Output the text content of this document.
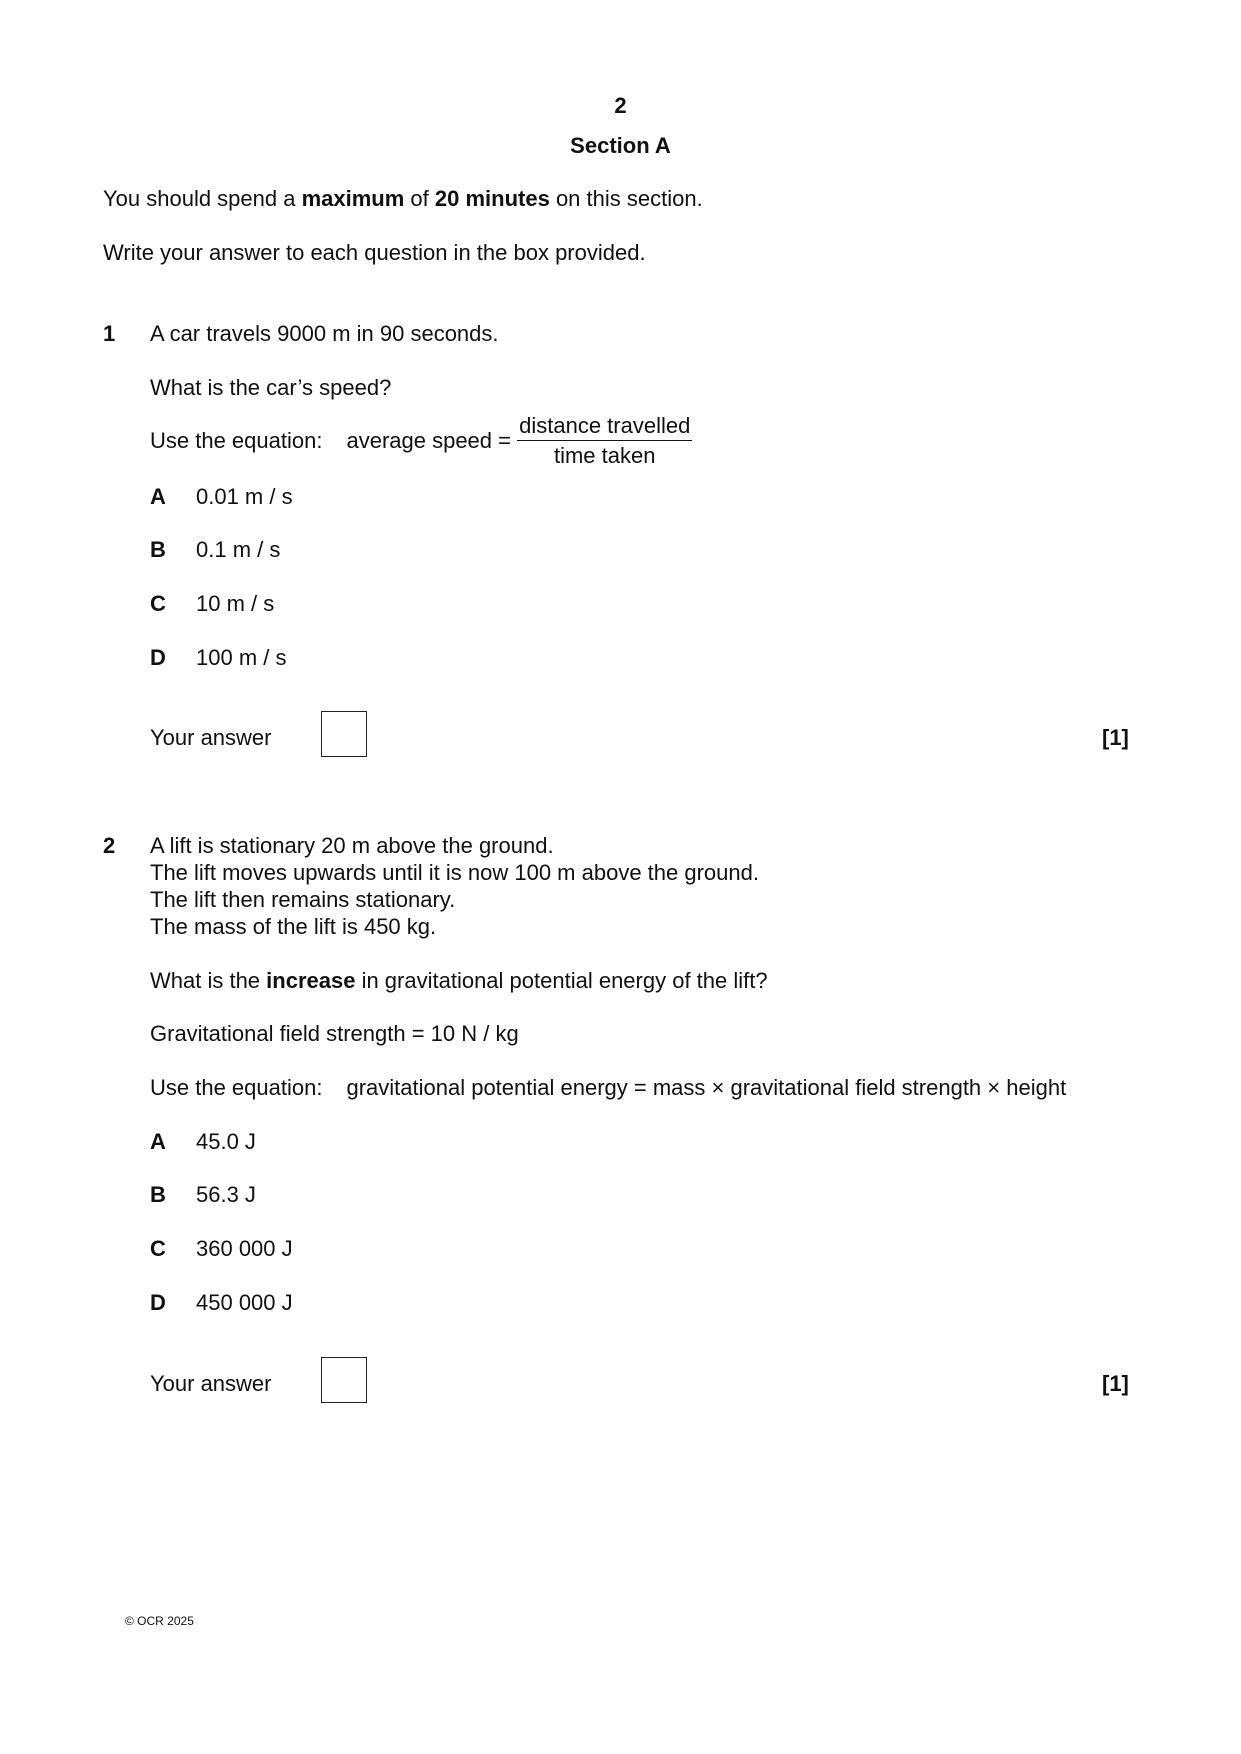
2
Section A
You should spend a maximum of 20 minutes on this section.
Write your answer to each question in the box provided.
1 A car travels 9000 m in 90 seconds.
What is the car’s speed?
Use the equation: average speed = $\frac{\text{distance travelled}}{\text{time taken}}$
A 0.01 m / s
B 0.1 m / s
C 10 m / s
D 100 m / s
Your answer	[1]
2 A lift is stationary 20 m above the ground.
The lift moves upwards until it is now 100 m above the ground.
The lift then remains stationary.
The mass of the lift is 450 kg.
What is the increase in gravitational potential energy of the lift?
Gravitational field strength = 10 N / kg
Use the equation: gravitational potential energy = mass × gravitational field strength × height
A 45.0 J
B 56.3 J
C 360 000 J
D 450 000 J
Your answer	[1]
© OCR 2025
